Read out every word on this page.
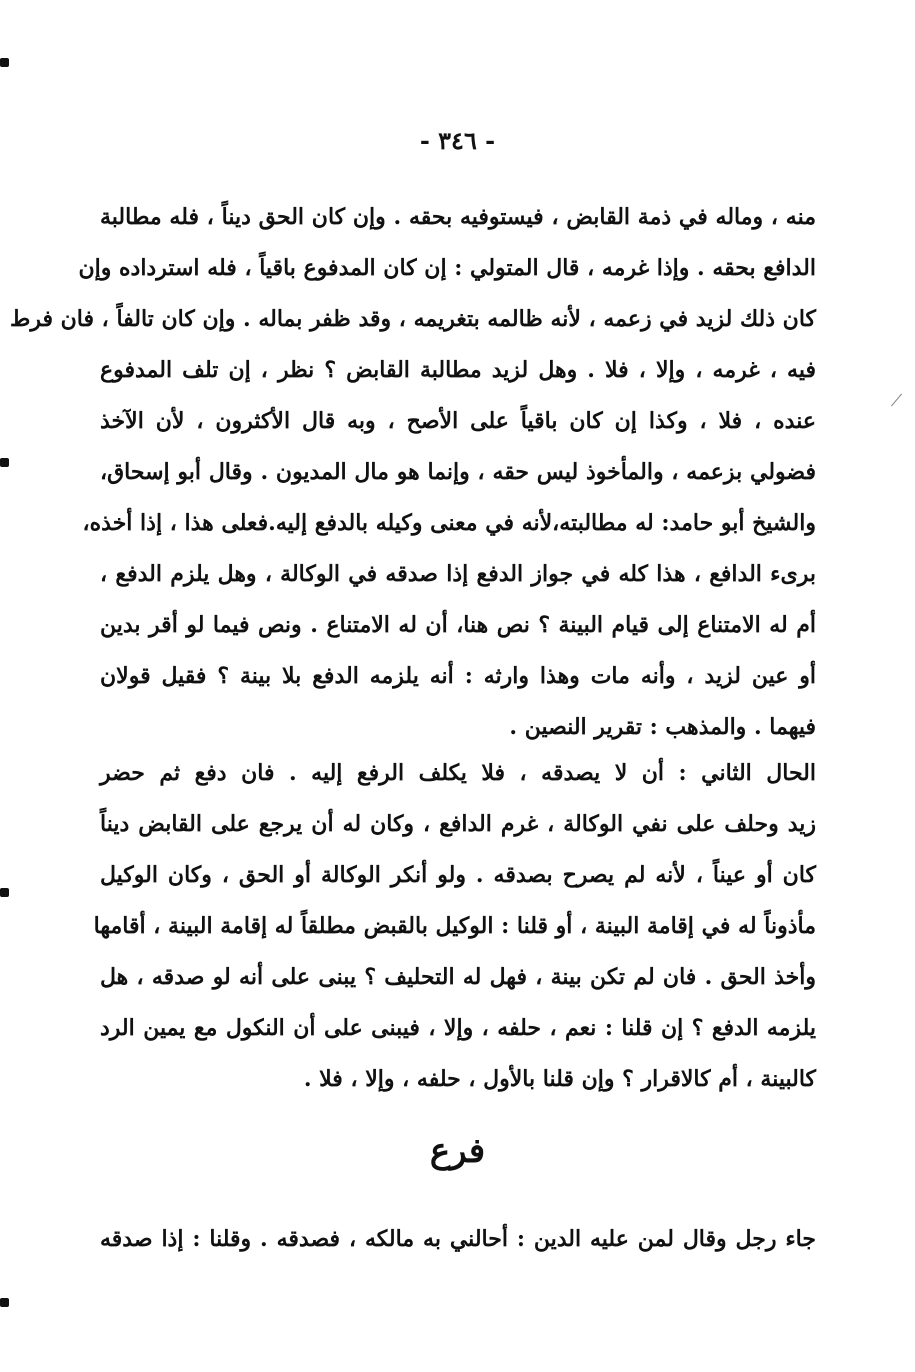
- ٣٤٦ -
منه ، وماله في ذمة القابض ، فيستوفيه بحقه . وإن كان الحق ديناً ، فله مطالبة
الدافع بحقه . وإذا غرمه ، قال المتولي : إن كان المدفوع باقياً ، فله استرداده وإن
كان ذلك لزيد في زعمه ، لأنه ظالمه بتغريمه ، وقد ظفر بماله . وإن كان تالفاً ، فان فرط
فيه ، غرمه ، وإلا ، فلا . وهل لزيد مطالبة القابض ؟ نظر ، إن تلف المدفوع
عنده ، فلا ، وكذا إن كان باقياً على الأصح ، وبه قال الأكثرون ، لأن الآخذ
فضولي بزعمه ، والمأخوذ ليس حقه ، وإنما هو مال المديون . وقال أبو إسحاق،
والشيخ أبو حامد: له مطالبته،لأنه في معنى وكيله بالدفع إليه.فعلى هذا ، إذا أخذه،
برىء الدافع ، هذا كله في جواز الدفع إذا صدقه في الوكالة ، وهل يلزم الدفع ،
أم له الامتناع إلى قيام البينة ؟ نص هنا، أن له الامتناع . ونص فيما لو أقر بدين
أو عين لزيد ، وأنه مات وهذا وارثه : أنه يلزمه الدفع بلا بينة ؟ فقيل قولان
فيهما . والمذهب : تقرير النصين .
الحال الثاني : أن لا يصدقه ، فلا يكلف الرفع إليه . فان دفع ثم حضر
زيد وحلف على نفي الوكالة ، غرم الدافع ، وكان له أن يرجع على القابض ديناً
كان أو عيناً ، لأنه لم يصرح بصدقه . ولو أنكر الوكالة أو الحق ، وكان الوكيل
مأذوناً له في إقامة البينة ، أو قلنا : الوكيل بالقبض مطلقاً له إقامة البينة ، أقامها
وأخذ الحق . فان لم تكن بينة ، فهل له التحليف ؟ يبنى على أنه لو صدقه ، هل
يلزمه الدفع ؟ إن قلنا : نعم ، حلفه ، وإلا ، فيبنى على أن النكول مع يمين الرد
كالبينة ، أم كالاقرار ؟ وإن قلنا بالأول ، حلفه ، وإلا ، فلا .
فرع
جاء رجل وقال لمن عليه الدين : أحالني به مالكه ، فصدقه . وقلنا : إذا صدقه
